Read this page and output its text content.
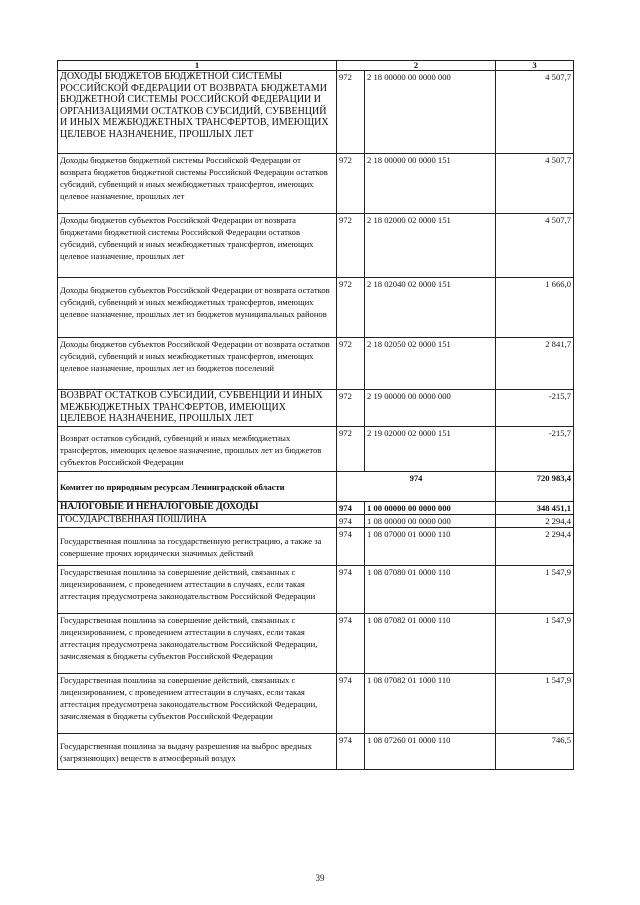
1	2		3
ДОХОДЫ БЮДЖЕТОВ БЮДЖЕТНОЙ СИСТЕМЫ РОССИЙСКОЙ ФЕДЕРАЦИИ ОТ ВОЗВРАТА БЮДЖЕТАМИ БЮДЖЕТНОЙ СИСТЕМЫ РОССИЙСКОЙ ФЕДЕРАЦИИ И ОРГАНИЗАЦИЯМИ ОСТАТКОВ СУБСИДИЙ, СУБВЕНЦИЙ И ИНЫХ МЕЖБЮДЖЕТНЫХ ТРАНСФЕРТОВ, ИМЕЮЩИХ ЦЕЛЕВОЕ НАЗНАЧЕНИЕ, ПРОШЛЫХ ЛЕТ	972	2 18 00000 00 0000 000	4 507,7
Доходы бюджетов бюджетной системы Российской Федерации от возврата бюджетов бюджетной системы Российской Федерации остатков субсидий, субвенций и иных межбюджетных трансфертов, имеющих целевое назначение, прошлых лет	972	2 18 00000 00 0000 151	4 507,7
Доходы бюджетов субъектов Российской Федерации от возврата бюджетами бюджетной системы Российской Федерации остатков субсидий, субвенций и иных межбюджетных трансфертов, имеющих целевое назначение, прошлых лет	972	2 18 02000 02 0000 151	4 507,7
Доходы бюджетов субъектов Российской Федерации от возврата остатков субсидий, субвенций и иных межбюджетных трансфертов, имеющих целевое назначение, прошлых лет из бюджетов муниципальных районов	972	2 18 02040 02 0000 151	1 666,0
Доходы бюджетов субъектов Российской Федерации от возврата остатков субсидий, субвенций и иных межбюджетных трансфертов, имеющих целевое назначение, прошлых лет из бюджетов поселений	972	2 18 02050 02 0000 151	2 841,7
ВОЗВРАТ ОСТАТКОВ СУБСИДИЙ, СУБВЕНЦИЙ И ИНЫХ МЕЖБЮДЖЕТНЫХ ТРАНСФЕРТОВ, ИМЕЮЩИХ ЦЕЛЕВОЕ НАЗНАЧЕНИЕ, ПРОШЛЫХ ЛЕТ	972	2 19 00000 00 0000 000	-215,7
Возврат остатков субсидий, субвенций и иных межбюджетных трансфертов, имеющих целевое назначение, прошлых лет из бюджетов субъектов Российской Федерации	972	2 19 02000 02 0000 151	-215,7
Комитет по природным ресурсам Ленинградской области	974		720 983,4
НАЛОГОВЫЕ И НЕНАЛОГОВЫЕ ДОХОДЫ	974	1 00 00000 00 0000 000	348 451,1
ГОСУДАРСТВЕННАЯ ПОШЛИНА	974	1 08 00000 00 0000 000	2 294,4
Государственная пошлина за государственную регистрацию, а также за совершение прочих юридически значимых действий	974	1 08 07000 01 0000 110	2 294,4
Государственная пошлина за совершение действий, связанных с лицензированием, с проведением аттестации в случаях, если такая аттестация предусмотрена законодательством Российской Федерации	974	1 08 07080 01 0000 110	1 547,9
Государственная пошлина за совершение действий, связанных с лицензированием, с проведением аттестации в случаях, если такая аттестация предусмотрена законодательством Российской Федерации, зачисляемая в бюджеты субъектов Российской Федерации	974	1 08 07082 01 0000 110	1 547,9
Государственная пошлина за совершение действий, связанных с лицензированием, с проведением аттестации в случаях, если такая аттестация предусмотрена законодательством Российской Федерации, зачисляемая в бюджеты субъектов Российской Федерации	974	1 08 07082 01 1000 110	1 547,9
Государственная пошлина за выдачу разрешения на выброс вредных (загрязняющих) веществ в атмосферный воздух	974	1 08 07260 01 0000 110	746,5
39
